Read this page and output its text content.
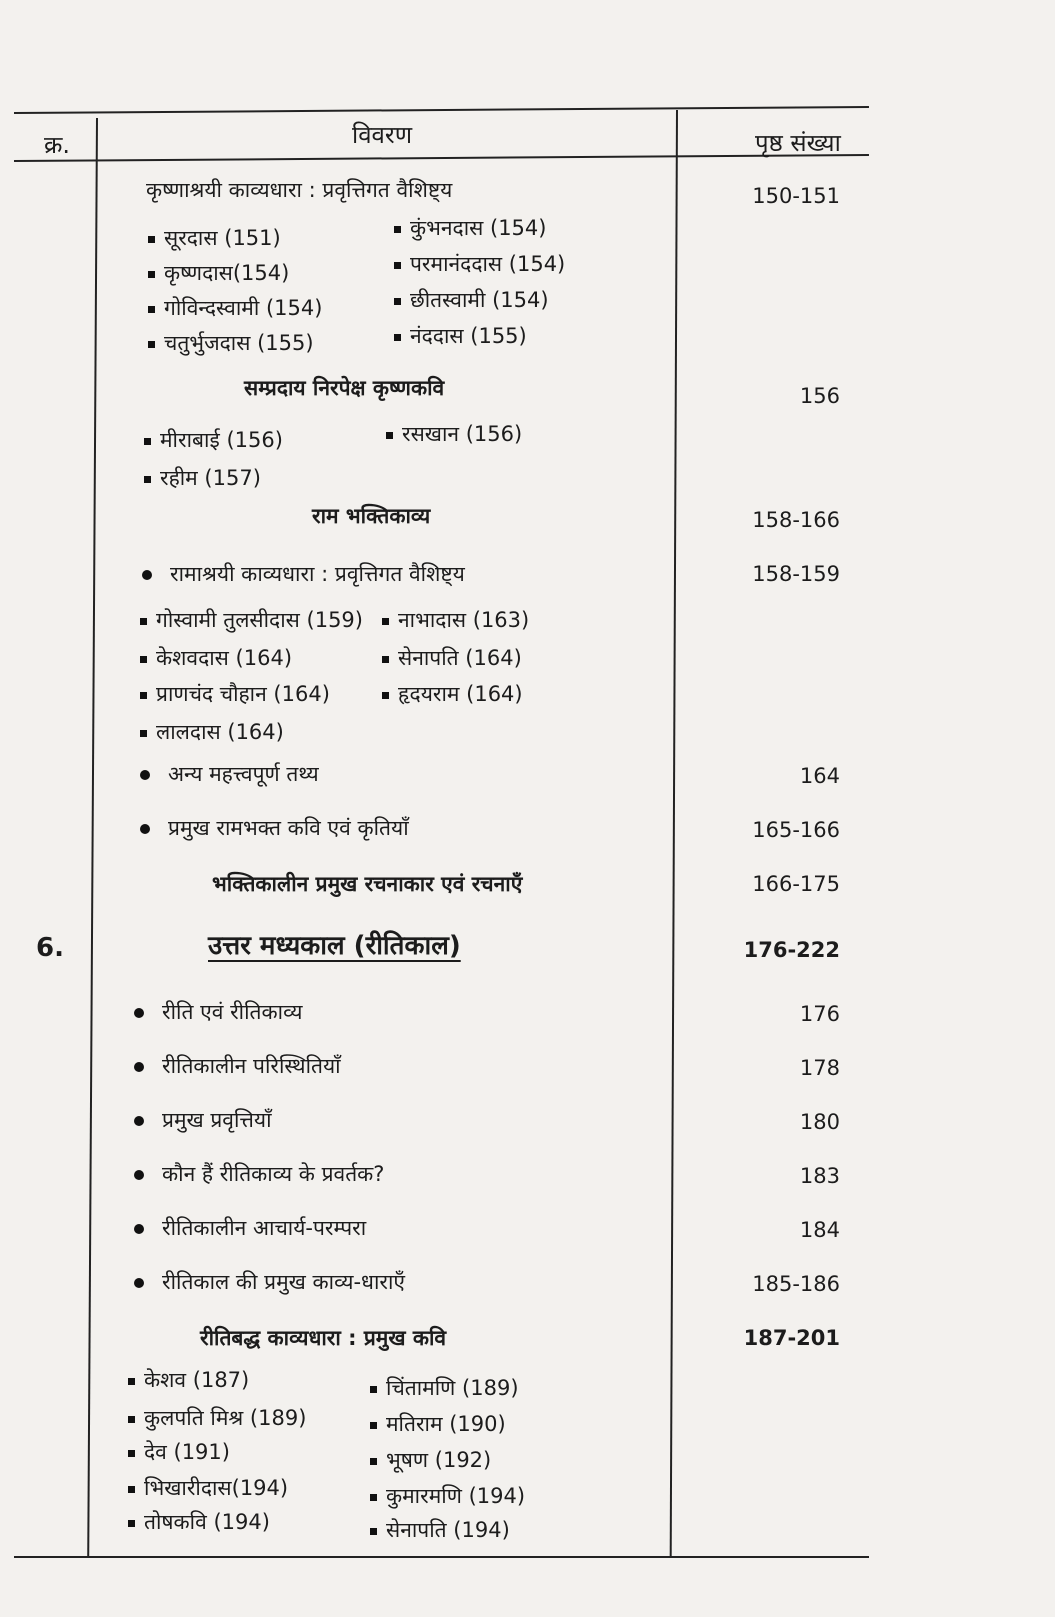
क्र.	विवरण	पृष्ठ संख्या
कृष्णाश्रयी काव्यधारा : प्रवृत्तिगत वैशिष्ट्य	150-151
सूरदास (151)	कुंभनदास (154)
कृष्णदास(154)	परमानंददास (154)
गोविन्दस्वामी (154)	छीतस्वामी (154)
चतुर्भुजदास (155)	नंददास (155)
सम्प्रदाय निरपेक्ष कृष्णकवि	156
मीराबाई (156)	रसखान (156)
रहीम (157)
राम भक्तिकाव्य	158-166
रामाश्रयी काव्यधारा : प्रवृत्तिगत वैशिष्ट्य	158-159
गोस्वामी तुलसीदास (159)	नाभादास (163)
केशवदास (164)	सेनापति (164)
प्राणचंद चौहान (164)	हृदयराम (164)
लालदास (164)
अन्य महत्त्वपूर्ण तथ्य	164
प्रमुख रामभक्त कवि एवं कृतियाँ	165-166
भक्तिकालीन प्रमुख रचनाकार एवं रचनाएँ	166-175
6.	उत्तर मध्यकाल (रीतिकाल)	176-222
रीति एवं रीतिकाव्य	176
रीतिकालीन परिस्थितियाँ	178
प्रमुख प्रवृत्तियाँ	180
कौन हैं रीतिकाव्य के प्रवर्तक?	183
रीतिकालीन आचार्य-परम्परा	184
रीतिकाल की प्रमुख काव्य-धाराएँ	185-186
रीतिबद्ध काव्यधारा : प्रमुख कवि	187-201
केशव (187)	चिंतामणि (189)
कुलपति मिश्र (189)	मतिराम (190)
देव (191)	भूषण (192)
भिखारीदास(194)	कुमारमणि (194)
तोषकवि (194)	सेनापति (194)
